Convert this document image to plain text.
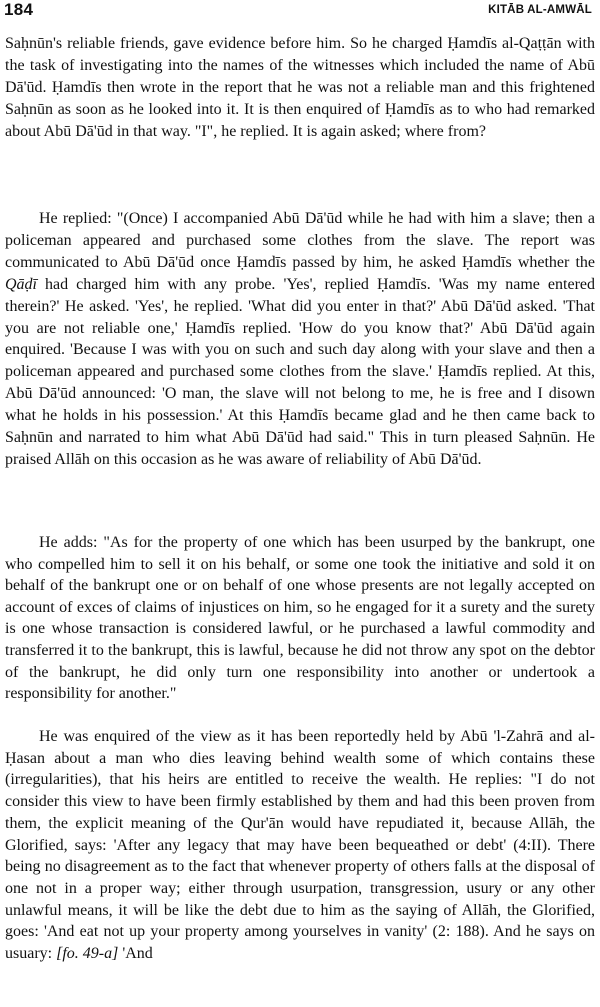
184	KITĀB AL-AMWĀL

Saḥnūn's reliable friends, gave evidence before him. So he charged Ḥamdīs al-Qaṭṭān with the task of investigating into the names of the witnesses which included the name of Abū Dā'ūd. Ḥamdīs then wrote in the report that he was not a reliable man and this frightened Saḥnūn as soon as he looked into it. It is then enquired of Ḥamdīs as to who had remarked about Abū Dā'ūd in that way. "I", he replied. It is again asked; where from?

He replied: "(Once) I accompanied Abū Dā'ūd while he had with him a slave; then a policeman appeared and purchased some clothes from the slave. The report was communicated to Abū Dā'ūd once Ḥamdīs passed by him, he asked Ḥamdīs whether the Qāḍī had charged him with any probe. 'Yes', replied Ḥamdīs. 'Was my name entered therein?' He asked. 'Yes', he replied. 'What did you enter in that?' Abū Dā'ūd asked. 'That you are not reliable one,' Ḥamdīs replied. 'How do you know that?' Abū Dā'ūd again enquired. 'Because I was with you on such and such day along with your slave and then a policeman appeared and purchased some clothes from the slave.' Ḥamdīs replied. At this, Abū Dā'ūd announced: 'O man, the slave will not belong to me, he is free and I disown what he holds in his possession.' At this Ḥamdīs became glad and he then came back to Saḥnūn and narrated to him what Abū Dā'ūd had said." This in turn pleased Saḥnūn. He praised Allāh on this occasion as he was aware of reliability of Abū Dā'ūd.

He adds: "As for the property of one which has been usurped by the bankrupt, one who compelled him to sell it on his behalf, or some one took the initiative and sold it on behalf of the bankrupt one or on behalf of one whose presents are not legally accepted on account of exces of claims of injustices on him, so he engaged for it a surety and the surety is one whose transaction is considered lawful, or he purchased a lawful commodity and transferred it to the bankrupt, this is lawful, because he did not throw any spot on the debtor of the bankrupt, he did only turn one responsibility into another or undertook a responsibility for another."

He was enquired of the view as it has been reportedly held by Abū 'l-Zahrā and al-Ḥasan about a man who dies leaving behind wealth some of which contains these (irregularities), that his heirs are entitled to receive the wealth. He replies: "I do not consider this view to have been firmly established by them and had this been proven from them, the explicit meaning of the Qur'ān would have repudiated it, because Allāh, the Glorified, says: 'After any legacy that may have been bequeathed or debt' (4:II). There being no disagreement as to the fact that whenever property of others falls at the disposal of one not in a proper way; either through usurpation, transgression, usury or any other unlawful means, it will be like the debt due to him as the saying of Allāh, the Glorified, goes: 'And eat not up your property among yourselves in vanity' (2: 188). And he says on usuary: [fo. 49-a] 'And
